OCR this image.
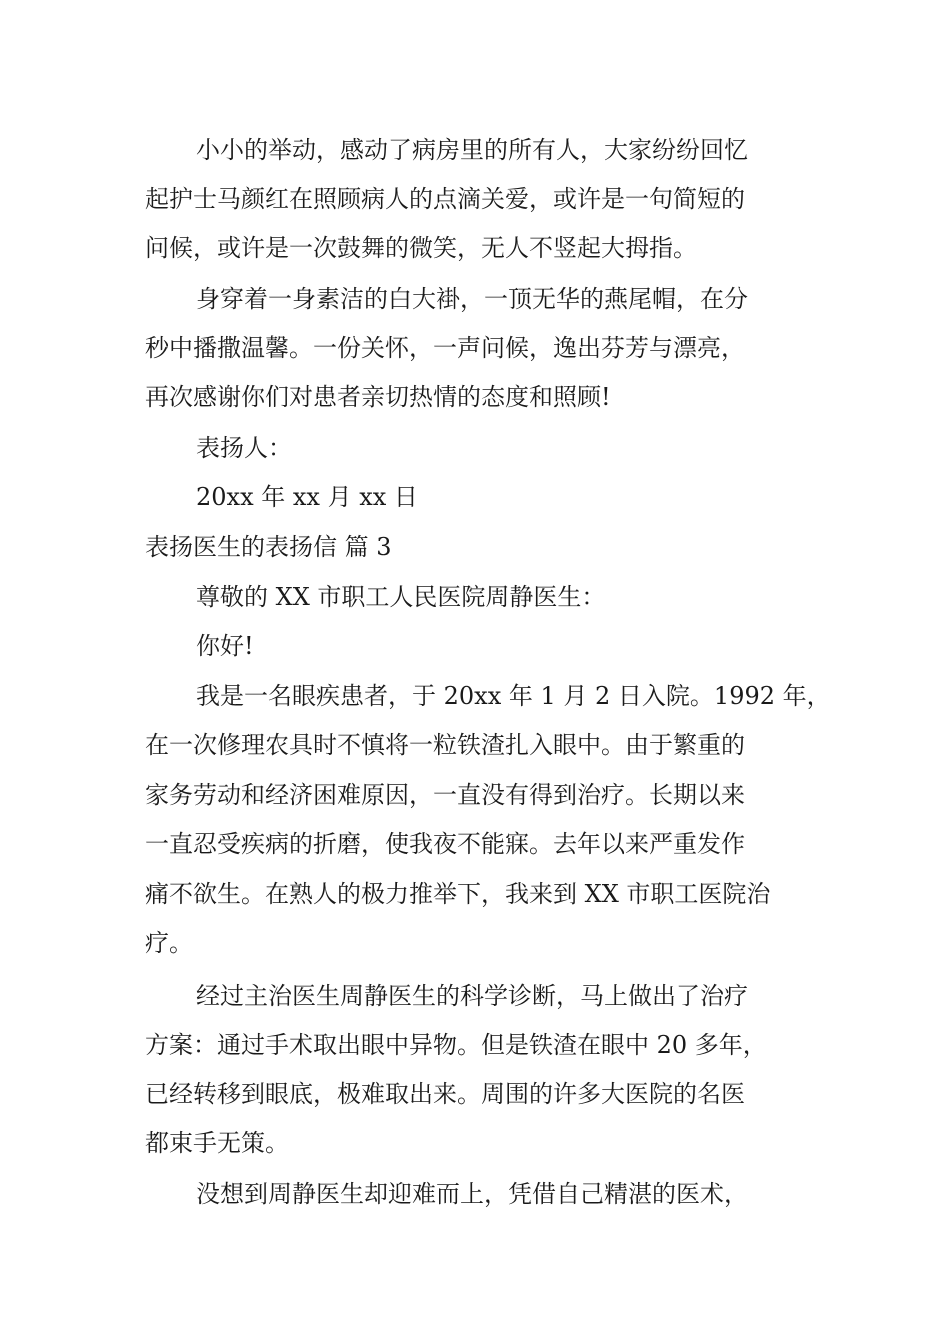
小小的举动，感动了病房里的所有人，大家纷纷回忆
起护士马颜红在照顾病人的点滴关爱，或许是一句简短的
问候，或许是一次鼓舞的微笑，无人不竖起大拇指。
身穿着一身素洁的白大褂，一顶无华的燕尾帽，在分
秒中播撒温馨。一份关怀，一声问候，逸出芬芳与漂亮，
再次感谢你们对患者亲切热情的态度和照顾!
表扬人：
20xx 年 xx 月 xx 日
表扬医生的表扬信 篇 3
尊敬的 XX 市职工人民医院周静医生：
你好!
我是一名眼疾患者，于 20xx 年 1 月 2 日入院。1992 年，
在一次修理农具时不慎将一粒铁渣扎入眼中。由于繁重的
家务劳动和经济困难原因，一直没有得到治疗。长期以来
一直忍受疾病的折磨，使我夜不能寐。去年以来严重发作
痛不欲生。在熟人的极力推举下，我来到 XX 市职工医院治
疗。
经过主治医生周静医生的科学诊断，马上做出了治疗
方案：通过手术取出眼中异物。但是铁渣在眼中 20 多年，
已经转移到眼底，极难取出来。周围的许多大医院的名医
都束手无策。
没想到周静医生却迎难而上，凭借自己精湛的医术，
